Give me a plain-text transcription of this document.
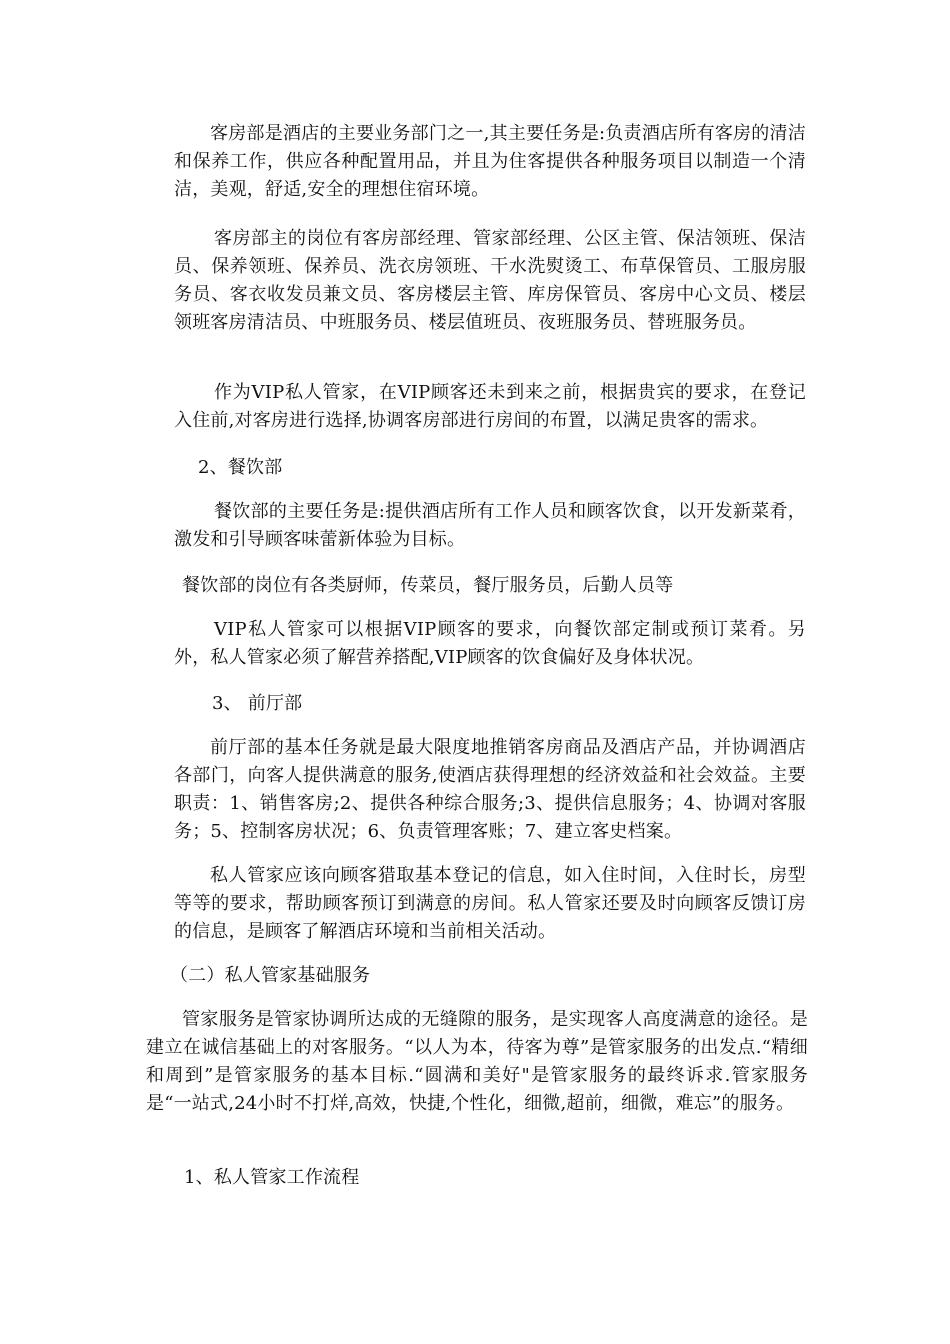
客房部是酒店的主要业务部门之一,其主要任务是:负责酒店所有客房的清洁和保养工作，供应各种配置用品，并且为住客提供各种服务项目以制造一个清洁，美观，舒适,安全的理想住宿环境。

客房部主的岗位有客房部经理、管家部经理、公区主管、保洁领班、保洁员、保养领班、保养员、洗衣房领班、干水洗熨烫工、布草保管员、工服房服务员、客衣收发员兼文员、客房楼层主管、库房保管员、客房中心文员、楼层领班客房清洁员、中班服务员、楼层值班员、夜班服务员、替班服务员。

作为VIP私人管家，在VIP顾客还未到来之前，根据贵宾的要求，在登记入住前,对客房进行选择,协调客房部进行房间的布置，以满足贵客的需求。

2、餐饮部

餐饮部的主要任务是:提供酒店所有工作人员和顾客饮食，以开发新菜肴，激发和引导顾客味蕾新体验为目标。

餐饮部的岗位有各类厨师，传菜员，餐厅服务员，后勤人员等

VIP私人管家可以根据VIP顾客的要求，向餐饮部定制或预订菜肴。另外，私人管家必须了解营养搭配,VIP顾客的饮食偏好及身体状况。

3、 前厅部

前厅部的基本任务就是最大限度地推销客房商品及酒店产品，并协调酒店各部门，向客人提供满意的服务,使酒店获得理想的经济效益和社会效益。主要职责：1、销售客房;2、提供各种综合服务;3、提供信息服务；4、协调对客服务；5、控制客房状况；6、负责管理客账；7、建立客史档案。

私人管家应该向顾客猎取基本登记的信息，如入住时间，入住时长，房型等等的要求，帮助顾客预订到满意的房间。私人管家还要及时向顾客反馈订房的信息，是顾客了解酒店环境和当前相关活动。

（二）私人管家基础服务

管家服务是管家协调所达成的无缝隙的服务，是实现客人高度满意的途径。是建立在诚信基础上的对客服务。“以人为本，待客为尊”是管家服务的出发点.“精细和周到”是管家服务的基本目标.“圆满和美好"是管家服务的最终诉求.管家服务是“一站式,24小时不打烊,高效，快捷,个性化，细微,超前，细微，难忘”的服务。

1、私人管家工作流程
